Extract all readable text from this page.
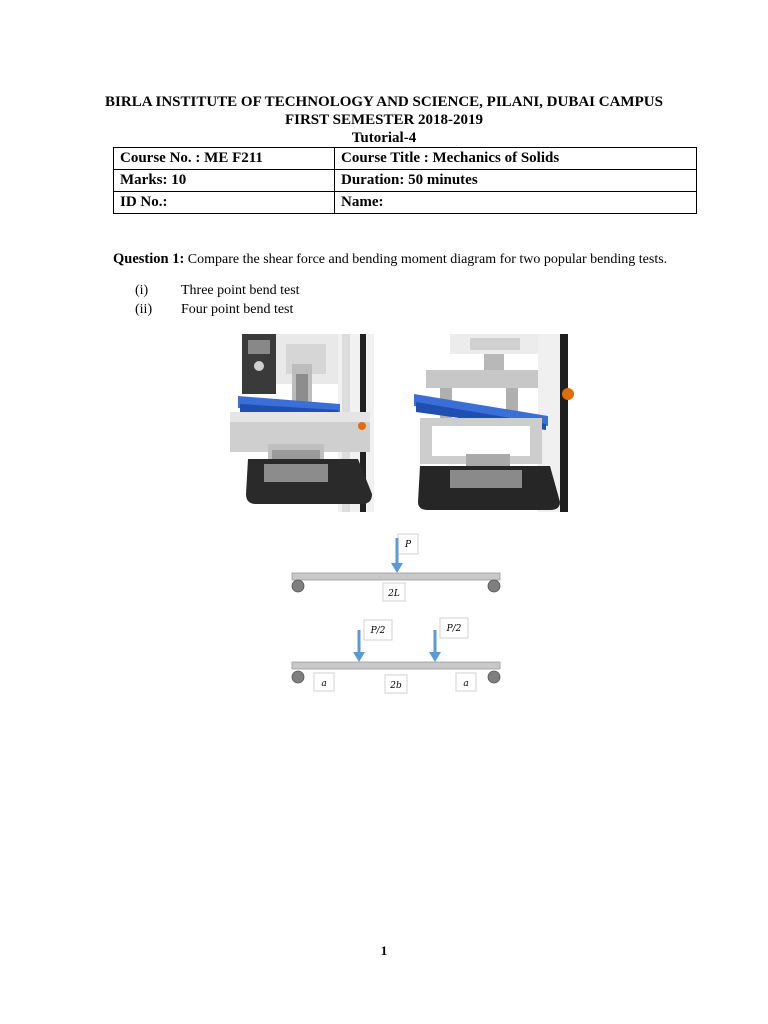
BIRLA INSTITUTE OF TECHNOLOGY AND SCIENCE, PILANI, DUBAI CAMPUS
FIRST SEMESTER 2018-2019
Tutorial-4
Course No. : ME F211	Course Title : Mechanics of Solids
Marks: 10	Duration: 50 minutes
ID No.:	Name:
Question 1: Compare the shear force and bending moment diagram for two popular bending tests.
(i) Three point bend test
(ii) Four point bend test
P
2L
P/2	P/2
a	2b	a
1
